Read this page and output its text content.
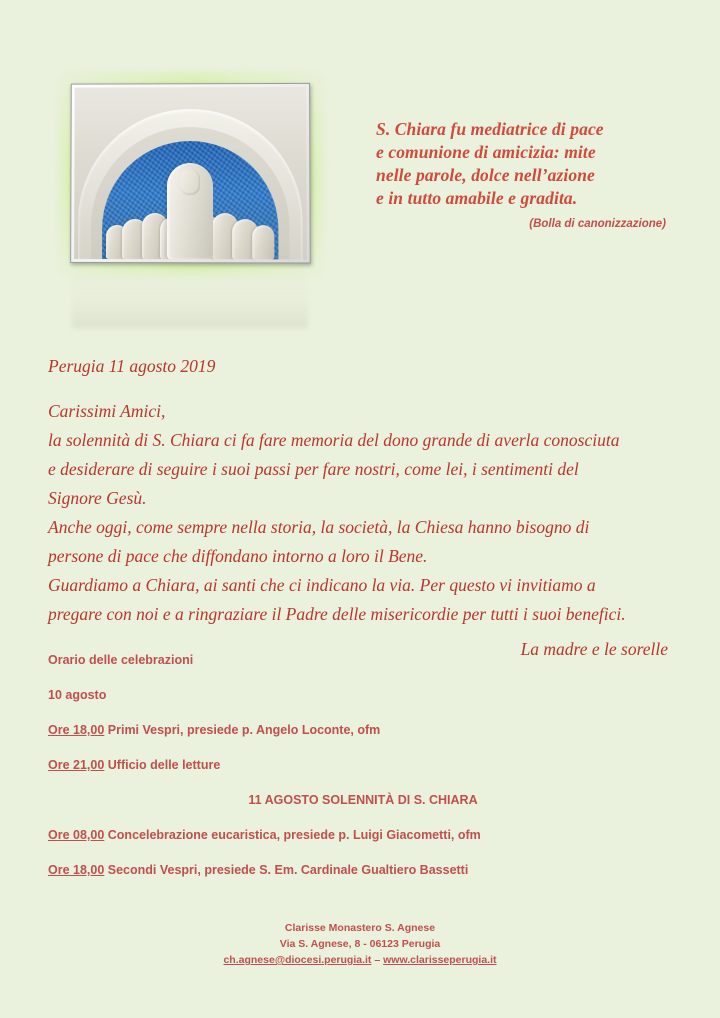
S. Chiara fu mediatrice di pace
e comunione di amicizia: mite
nelle parole, dolce nell’azione
e in tutto amabile e gradita.
(Bolla di canonizzazione)

Perugia 11 agosto 2019

Carissimi Amici,

la solennità di S. Chiara ci fa fare memoria del dono grande di averla conosciuta

e desiderare di seguire i suoi passi per fare nostri, come lei, i sentimenti del

Signore Gesù.

Anche oggi, come sempre nella storia, la società, la Chiesa hanno bisogno di

persone di pace che diffondano intorno a loro il Bene.

Guardiamo a Chiara, ai santi che ci indicano la via. Per questo vi invitiamo a

pregare con noi e a ringraziare il Padre delle misericordie per tutti i suoi benefici.

La madre e le sorelle

Orario delle celebrazioni
10 agosto
Ore 18,00 Primi Vespri, presiede p. Angelo Loconte, ofm
Ore 21,00 Ufficio delle letture
11 AGOSTO SOLENNITÀ DI S. CHIARA
Ore 08,00 Concelebrazione eucaristica, presiede p. Luigi Giacometti, ofm
Ore 18,00 Secondi Vespri, presiede S. Em. Cardinale Gualtiero Bassetti
Clarisse Monastero S. Agnese
Via S. Agnese, 8 - 06123 Perugia
ch.agnese@diocesi.perugia.it – www.clarisseperugia.it
